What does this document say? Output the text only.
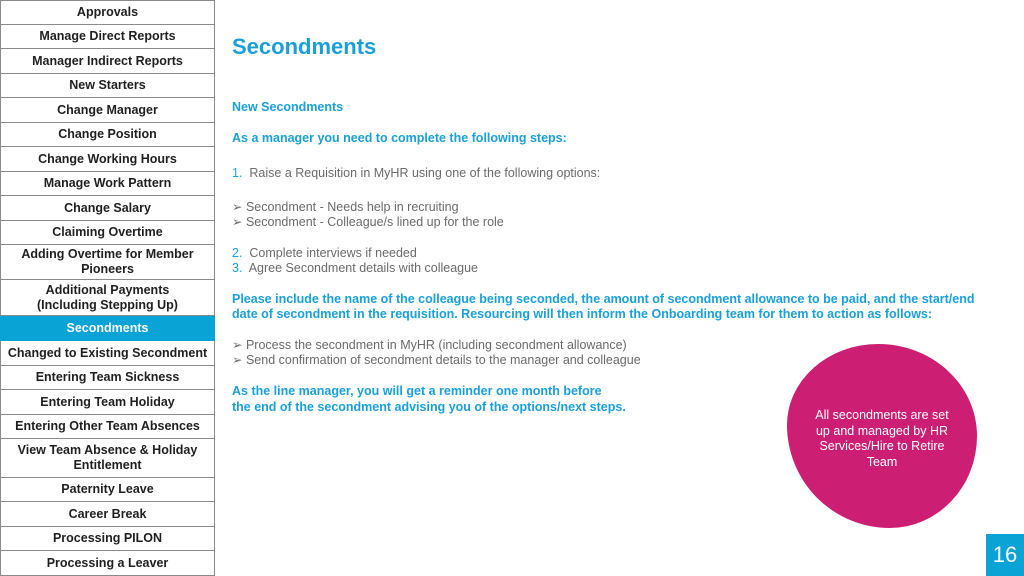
Approvals
Manage Direct Reports
Manager Indirect Reports
New Starters
Change Manager
Change Position
Change Working Hours
Manage Work Pattern
Change Salary
Claiming Overtime
Adding Overtime for Member Pioneers
Additional Payments (Including Stepping Up)
Secondments
Changed to Existing Secondment
Entering Team Sickness
Entering Team Holiday
Entering Other Team Absences
View Team Absence & Holiday Entitlement
Paternity Leave
Career Break
Processing PILON
Processing a Leaver
Secondments
New Secondments
As a manager you need to complete the following steps:
1. Raise a Requisition in MyHR using one of the following options:
➢ Secondment - Needs help in recruiting
➢ Secondment - Colleague/s lined up for the role
2. Complete interviews if needed
3. Agree Secondment details with colleague
Please include the name of the colleague being seconded, the amount of secondment allowance to be paid, and the start/end
date of secondment in the requisition. Resourcing will then inform the Onboarding team for them to action as follows:
➢ Process the secondment in MyHR (including secondment allowance)
➢ Send confirmation of secondment details to the manager and colleague
As the line manager, you will get a reminder one month before
the end of the secondment advising you of the options/next steps.
All secondments are set up and managed by HR Services/Hire to Retire Team
16
